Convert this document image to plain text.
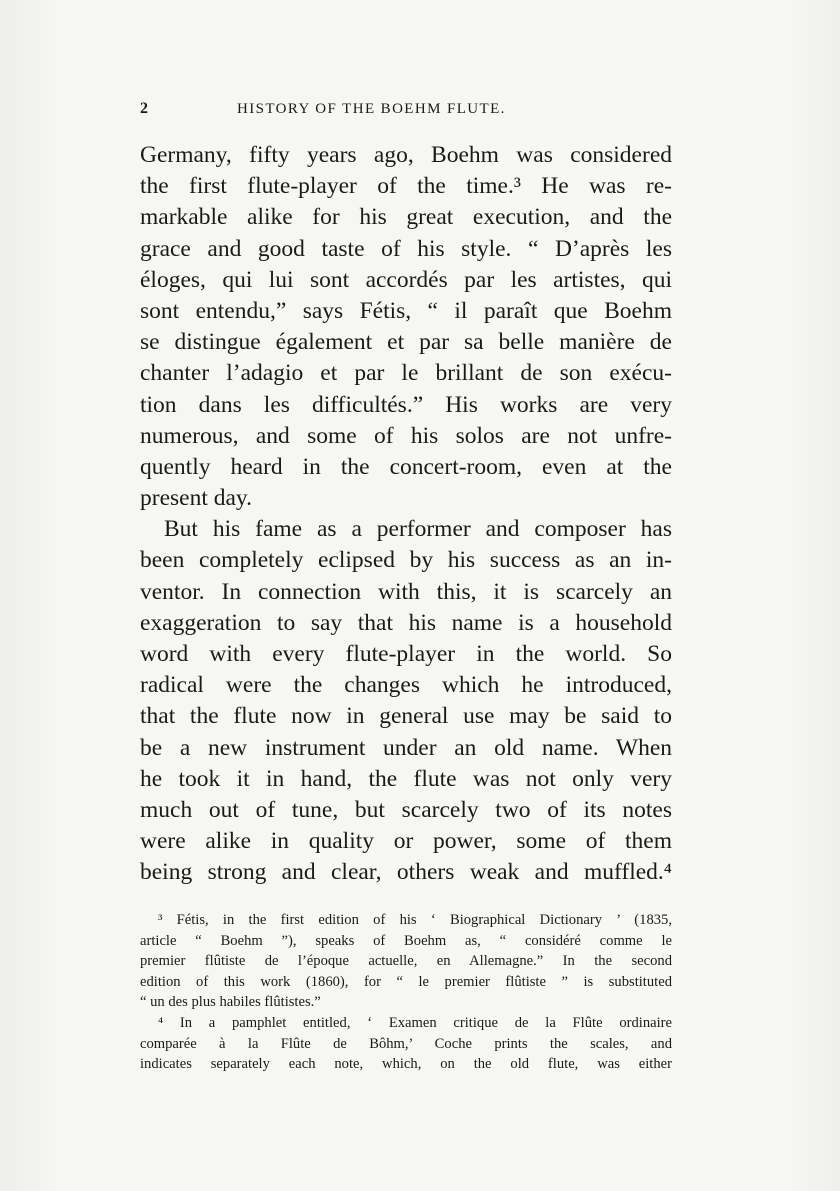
2	HISTORY OF THE BOEHM FLUTE.
Germany, fifty years ago, Boehm was considered
the first flute-player of the time.³ He was re-
markable alike for his great execution, and the
grace and good taste of his style. “ D’après les
éloges, qui lui sont accordés par les artistes, qui
sont entendu,” says Fétis, “ il paraît que Boehm
se distingue également et par sa belle manière de
chanter l’adagio et par le brillant de son exécu-
tion dans les difficultés.” His works are very
numerous, and some of his solos are not unfre-
quently heard in the concert-room, even at the
present day.
But his fame as a performer and composer has
been completely eclipsed by his success as an in-
ventor. In connection with this, it is scarcely an
exaggeration to say that his name is a household
word with every flute-player in the world. So
radical were the changes which he introduced,
that the flute now in general use may be said to
be a new instrument under an old name. When
he took it in hand, the flute was not only very
much out of tune, but scarcely two of its notes
were alike in quality or power, some of them
being strong and clear, others weak and muffled.⁴
³ Fétis, in the first edition of his ‘ Biographical Dictionary ’ (1835,
article “ Boehm ”), speaks of Boehm as, “ considéré comme le
premier flûtiste de l’époque actuelle, en Allemagne.” In the second
edition of this work (1860), for “ le premier flûtiste ” is substituted
“ un des plus habiles flûtistes.”
⁴ In a pamphlet entitled, ‘ Examen critique de la Flûte ordinaire
comparée à la Flûte de Bôhm,’ Coche prints the scales, and
indicates separately each note, which, on the old flute, was either
